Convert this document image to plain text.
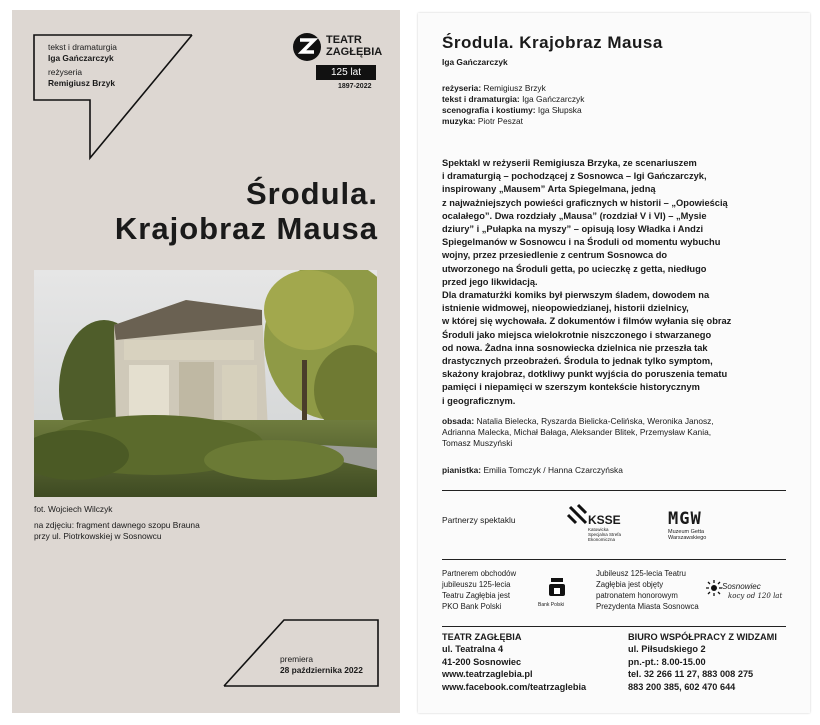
tekst i dramaturgia
Iga Gańczarczyk
reżyseria
Remigiusz Brzyk
TEATR
ZAGŁĘBIA
125 lat
1897-2022
Środula.
Krajobraz Mausa
fot. Wojciech Wilczyk
na zdjęciu: fragment dawnego szopu Brauna
przy ul. Piotrkowskiej w Sosnowcu
premiera
28 października 2022
Środula. Krajobraz Mausa
Iga Gańczarczyk
reżyseria: Remigiusz Brzyk
tekst i dramaturgia: Iga Gańczarczyk
scenografia i kostiumy: Iga Słupska
muzyka: Piotr Peszat
Spektakl w reżyserii Remigiusza Brzyka, ze scenariuszem
i dramaturgią – pochodzącej z Sosnowca – Igi Gańczarczyk,
inspirowany „Mausem” Arta Spiegelmana, jedną
z najważniejszych powieści graficznych w historii – „Opowieścią
ocalałego”. Dwa rozdziały „Mausa” (rozdział V i VI) – „Mysie
dziury” i „Pułapka na myszy” – opisują losy Władka i Andzi
Spiegelmanów w Sosnowcu i na Środuli od momentu wybuchu
wojny, przez przesiedlenie z centrum Sosnowca do
utworzonego na Środuli getta, po ucieczkę z getta, niedługo
przed jego likwidacją.
Dla dramaturżki komiks był pierwszym śladem, dowodem na
istnienie widmowej, nieopowiedzianej, historii dzielnicy,
w której się wychowała. Z dokumentów i filmów wyłania się obraz
Środuli jako miejsca wielokrotnie niszczonego i stwarzanego
od nowa. Żadna inna sosnowiecka dzielnica nie przeszła tak
drastycznych przeobrażeń. Środula to jednak tylko symptom,
skażony krajobraz, dotkliwy punkt wyjścia do poruszenia tematu
pamięci i niepamięci w szerszym kontekście historycznym
i geograficznym.
obsada: Natalia Bielecka, Ryszarda Bielicka-Celińska, Weronika Janosz,
Adrianna Malecka, Michał Bałaga, Aleksander Blitek, Przemysław Kania,
Tomasz Muszyński
pianistka: Emilia Tomczyk / Hanna Czarczyńska
Partnerzy spektaklu	KSSE
Katowicka
Specjalna Strefa
Ekonomiczna
MGW
Muzeum Getta
Warszawskiego
Partnerem obchodów
jubileuszu 125-lecia
Teatru Zagłębia jest
PKO Bank Polski	Bank Polski
Jubileusz 125-lecia Teatru
Zagłębia jest objęty
patronatem honorowym
Prezydenta Miasta Sosnowca
Sosnowiec
kocy od 120 lat
TEATR ZAGŁĘBIA
ul. Teatralna 4
41-200 Sosnowiec
www.teatrzaglebia.pl
www.facebook.com/teatrzaglebia
BIURO WSPÓŁPRACY Z WIDZAMI
ul. Piłsudskiego 2
pn.-pt.: 8.00-15.00
tel. 32 266 11 27, 883 008 275
883 200 385, 602 470 644
